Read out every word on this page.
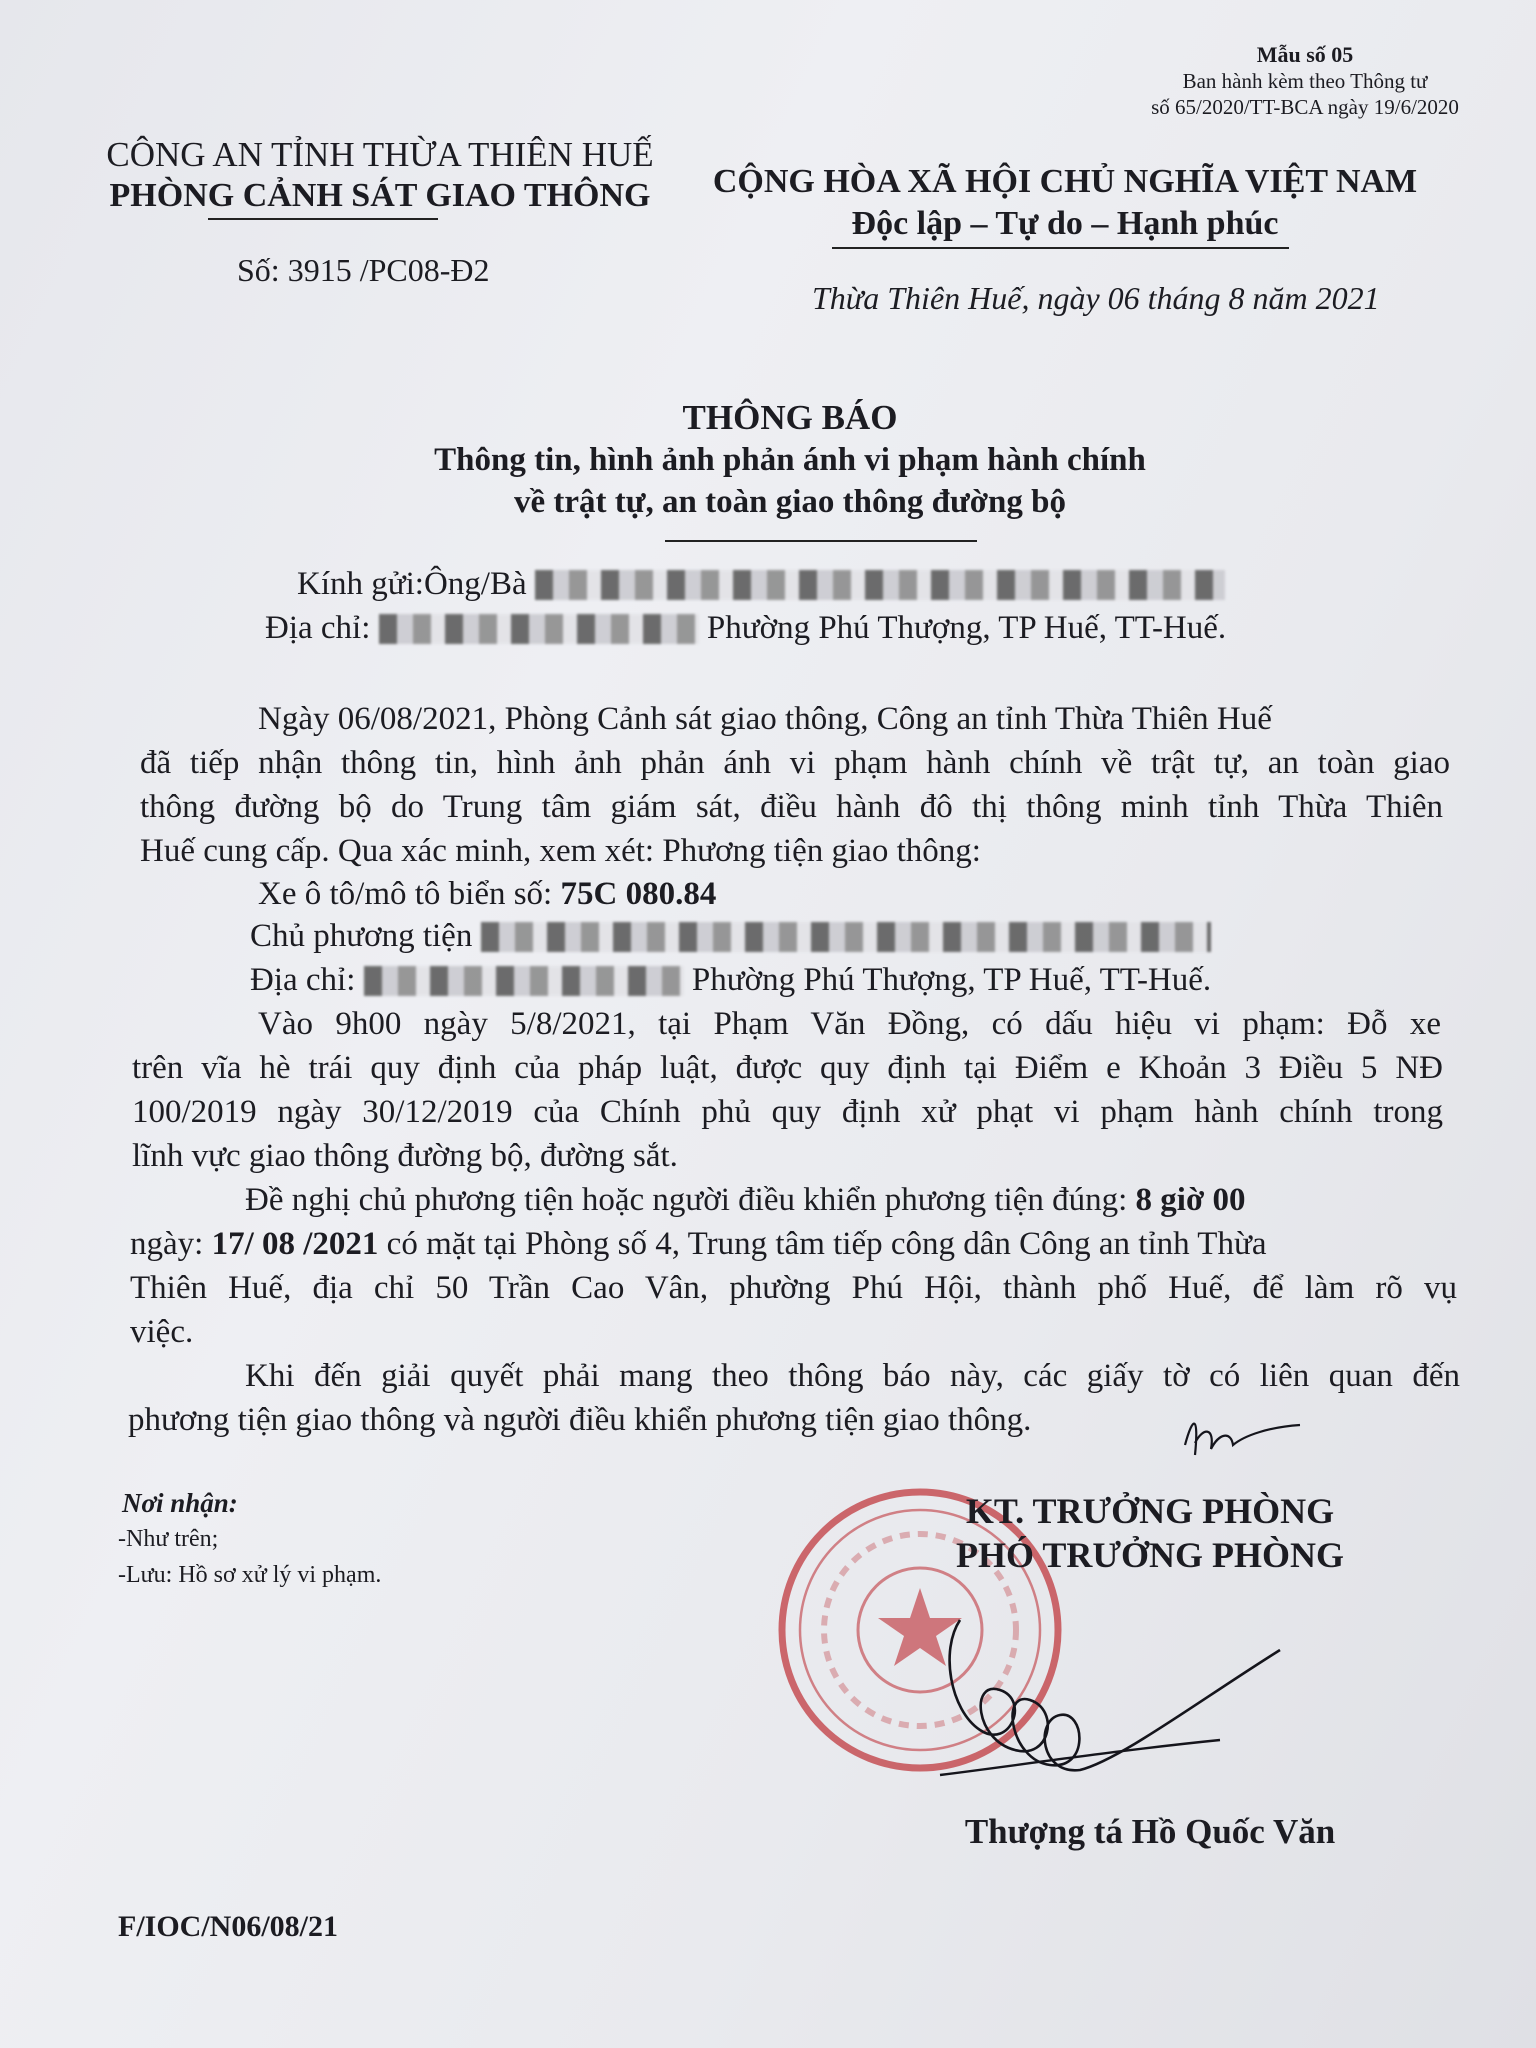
Mẫu số 05
Ban hành kèm theo Thông tư
số 65/2020/TT-BCA ngày 19/6/2020
CÔNG AN TỈNH THỪA THIÊN HUẾ
PHÒNG CẢNH SÁT GIAO THÔNG
Số: 3915 /PC08-Đ2
CỘNG HÒA XÃ HỘI CHỦ NGHĨA VIỆT NAM
Độc lập – Tự do – Hạnh phúc
Thừa Thiên Huế, ngày 06 tháng 8 năm 2021
THÔNG BÁO
Thông tin, hình ảnh phản ánh vi phạm hành chính
về trật tự, an toàn giao thông đường bộ
Kính gửi:Ông/Bà
Địa chỉ:	Phường Phú Thượng, TP Huế, TT-Huế.
Ngày 06/08/2021, Phòng Cảnh sát giao thông, Công an tỉnh Thừa Thiên Huế
đã tiếp nhận thông tin, hình ảnh phản ánh vi phạm hành chính về trật tự, an toàn giao
thông đường bộ do Trung tâm giám sát, điều hành đô thị thông minh tỉnh Thừa Thiên
Huế cung cấp. Qua xác minh, xem xét: Phương tiện giao thông:
Xe ô tô/mô tô biển số: 75C 080.84
Chủ phương tiện
Địa chỉ:	Phường Phú Thượng, TP Huế, TT-Huế.
Vào 9h00 ngày 5/8/2021, tại Phạm Văn Đồng, có dấu hiệu vi phạm: Đỗ xe
trên vĩa hè trái quy định của pháp luật, được quy định tại Điểm e Khoản 3 Điều 5 NĐ
100/2019 ngày 30/12/2019 của Chính phủ quy định xử phạt vi phạm hành chính trong
lĩnh vực giao thông đường bộ, đường sắt.
Đề nghị chủ phương tiện hoặc người điều khiển phương tiện đúng: 8 giờ 00
ngày: 17/ 08 /2021 có mặt tại Phòng số 4, Trung tâm tiếp công dân Công an tỉnh Thừa
Thiên Huế, địa chỉ 50 Trần Cao Vân, phường Phú Hội, thành phố Huế, để làm rõ vụ
việc.
Khi đến giải quyết phải mang theo thông báo này, các giấy tờ có liên quan đến
phương tiện giao thông và người điều khiển phương tiện giao thông.
Nơi nhận:
-Như trên;
-Lưu: Hồ sơ xử lý vi phạm.
KT. TRƯỞNG PHÒNG
PHÓ TRƯỞNG PHÒNG
Thượng tá Hồ Quốc Văn
F/IOC/N06/08/21
